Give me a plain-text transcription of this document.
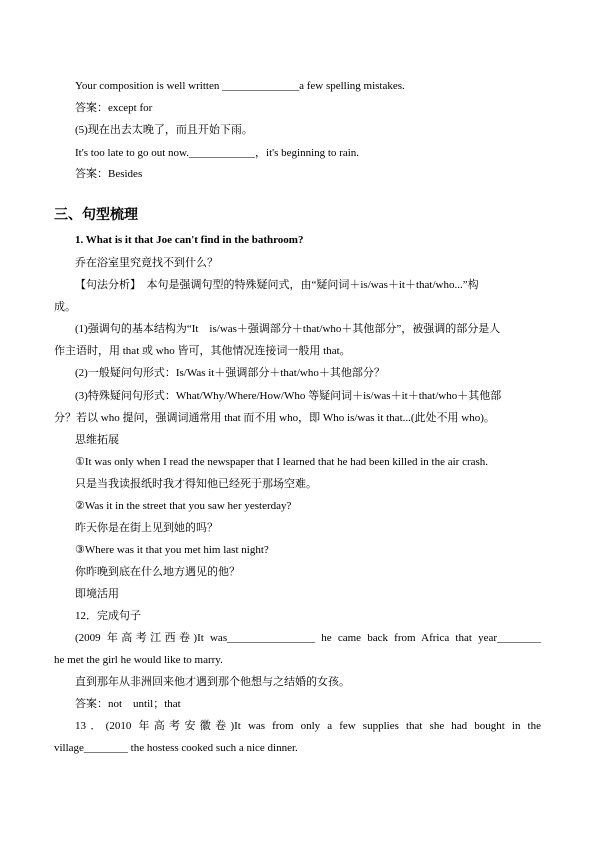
Your composition is well written ______________a few spelling mistakes.
答案：except for
(5)现在出去太晚了，而且开始下雨。
It's too late to go out now.____________，it's beginning to rain.
答案：Besides
三、句型梳理
1. What is it that Joe can't find in the bathroom?
乔在浴室里究竟找不到什么？
【句法分析】　本句是强调句型的特殊疑问式，由“疑问词＋is/was＋it＋that/who...”构
成。
(1)强调句的基本结构为“It　is/was＋强调部分＋that/who＋其他部分”，被强调的部分是人
作主语时，用 that 或 who 皆可，其他情况连接词一般用 that。
(2)一般疑问句形式：Is/Was it＋强调部分＋that/who＋其他部分？
(3)特殊疑问句形式：What/Why/Where/How/Who 等疑问词＋is/was＋it＋that/who＋其他部
分？若以 who 提问，强调词通常用 that 而不用 who，即 Who is/was it that...(此处不用 who)。
思维拓展
①It was only when I read the newspaper that I learned that he had been killed in the air crash.
只是当我读报纸时我才得知他已经死于那场空难。
②Was it in the street that you saw her yesterday?
昨天你是在街上见到她的吗？
③Where was it that you met him last night?
你昨晚到底在什么地方遇见的他？
即境活用
12．完成句子
(2009 年高考江西卷)It was________________ he came back from Africa that year________
he met the girl he would like to marry.
直到那年从非洲回来他才遇到那个他想与之结婚的女孩。
答案：not　until；that
13．(2010 年高考安徽卷)It was from only a few supplies that she had bought in the
village________ the hostess cooked such a nice dinner.
